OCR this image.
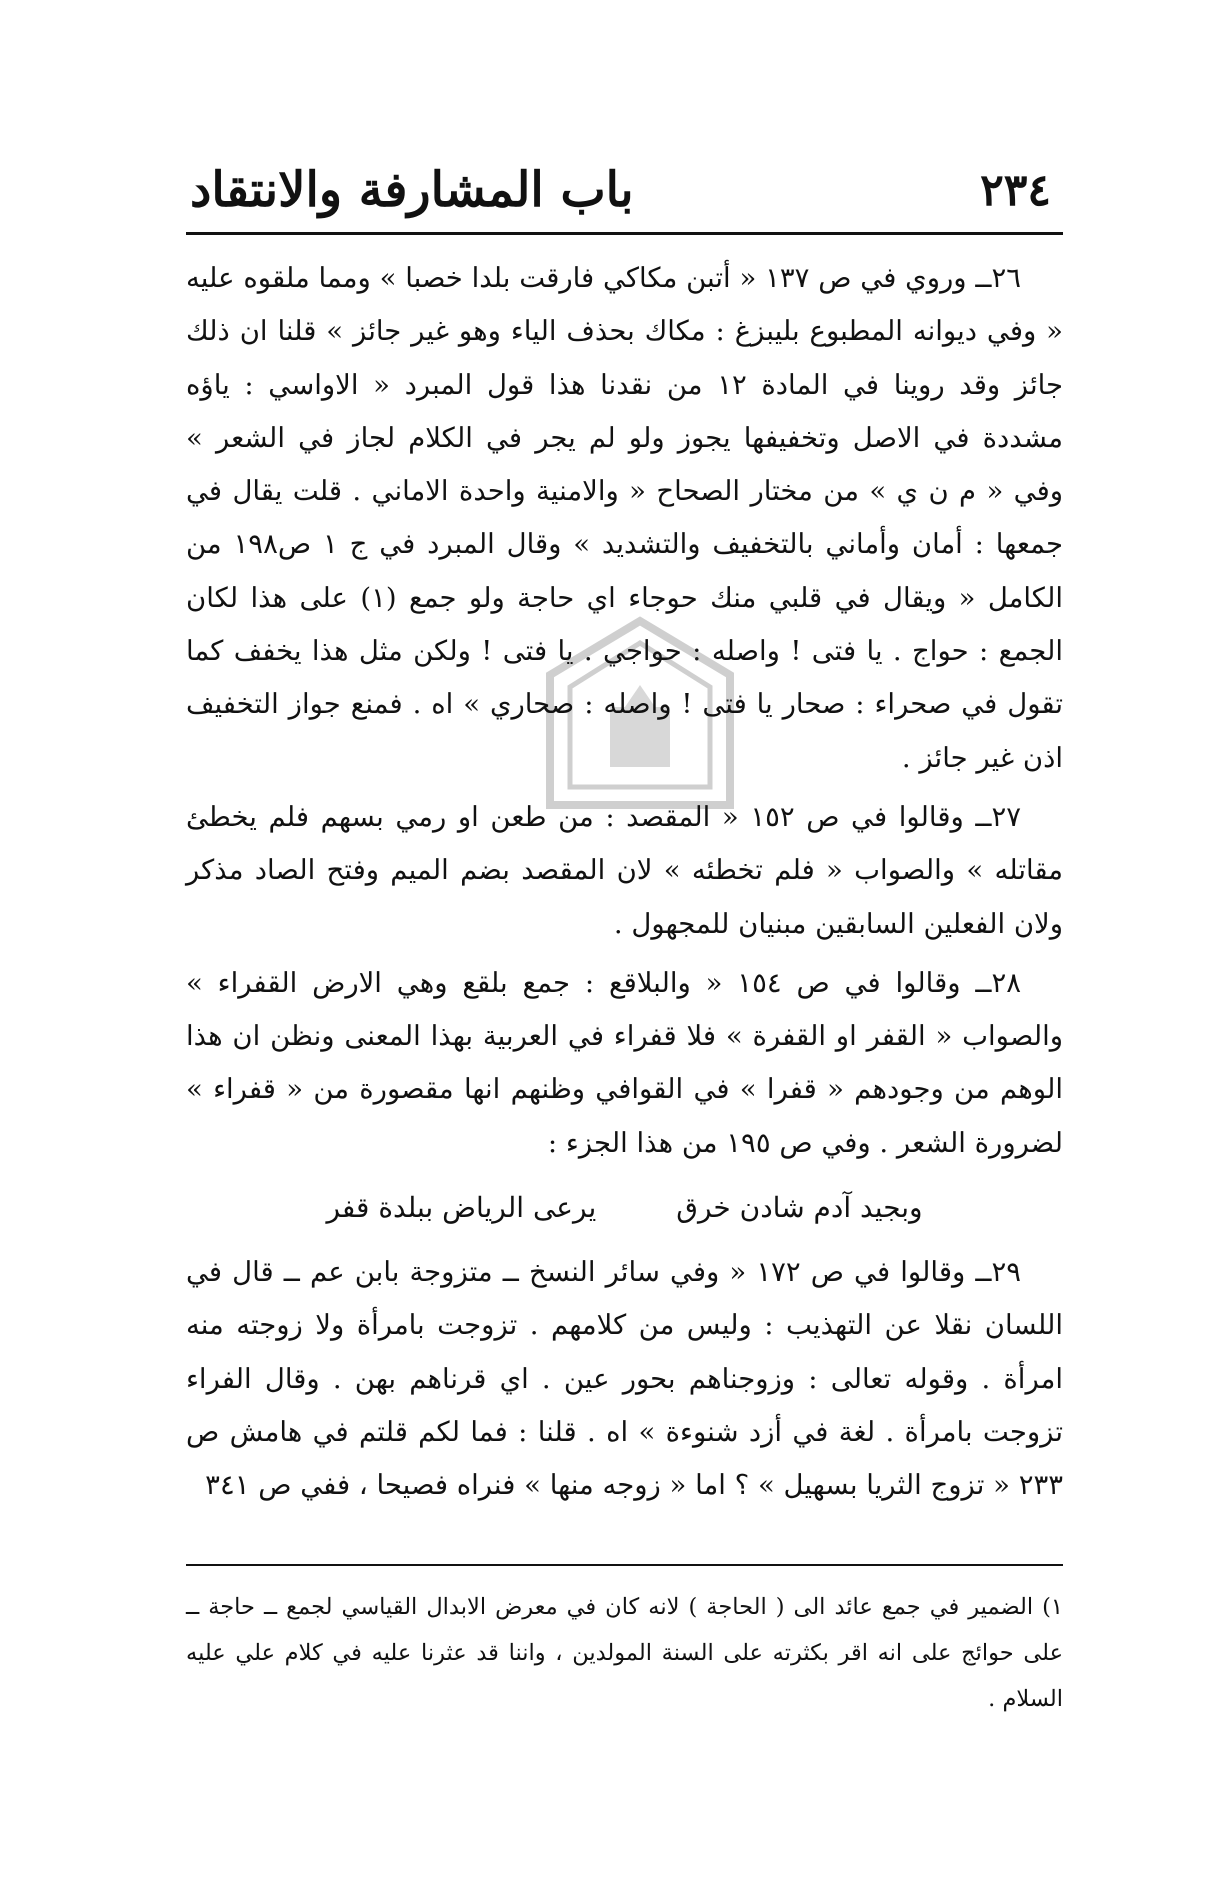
٢٣٤
باب المشارفة والانتقاد

٢٦ــ وروي في ص ١٣٧ « أتبن مكاكي فارقت بلدا خصبا » ومما ملقوه عليه « وفي ديوانه المطبوع بليبزغ : مكاك بحذف الياء وهو غير جائز » قلنا ان ذلك جائز وقد روينا في المادة ١٢ من نقدنا هذا قول المبرد « الاواسي : ياؤه مشددة في الاصل وتخفيفها يجوز ولو لم يجر في الكلام لجاز في الشعر » وفي « م ن ي » من مختار الصحاح « والامنية واحدة الاماني . قلت يقال في جمعها : أمان وأماني بالتخفيف والتشديد » وقال المبرد في ج ١ ص١٩٨ من الكامل « ويقال في قلبي منك حوجاء اي حاجة ولو جمع (١) على هذا لكان الجمع : حواج . يا فتى ! واصله : حواجي . يا فتى ! ولكن مثل هذا يخفف كما تقول في صحراء : صحار يا فتى ! واصله : صحاري » اه . فمنع جواز التخفيف اذن غير جائز .

٢٧ــ وقالوا في ص ١٥٢ « المقصد : من طعن او رمي بسهم فلم يخطئ مقاتله » والصواب « فلم تخطئه » لان المقصد بضم الميم وفتح الصاد مذكر ولان الفعلين السابقين مبنيان للمجهول .

٢٨ــ وقالوا في ص ١٥٤ « والبلاقع : جمع بلقع وهي الارض القفراء » والصواب « القفر او القفرة » فلا قفراء في العربية بهذا المعنى ونظن ان هذا الوهم من وجودهم « قفرا » في القوافي وظنهم انها مقصورة من « قفراء » لضرورة الشعر . وفي ص ١٩٥ من هذا الجزء :

وبجيد آدم شادن خرق
يرعى الرياض ببلدة قفر

٢٩ــ وقالوا في ص ١٧٢ « وفي سائر النسخ ــ متزوجة بابن عم ــ قال في اللسان نقلا عن التهذيب : وليس من كلامهم . تزوجت بامرأة ولا زوجته منه امرأة . وقوله تعالى : وزوجناهم بحور عين . اي قرناهم بهن . وقال الفراء تزوجت بامرأة . لغة في أزد شنوءة » اه . قلنا : فما لكم قلتم في هامش ص ٢٣٣ « تزوج الثريا بسهيل » ؟ اما « زوجه منها » فنراه فصيحا ، ففي ص ٣٤١

١) الضمير في جمع عائد الى ( الحاجة ) لانه كان في معرض الابدال القياسي لجمع ــ حاجة ــ على حوائج على انه اقر بكثرته على السنة المولدين ، واننا قد عثرنا عليه في كلام علي عليه السلام .
